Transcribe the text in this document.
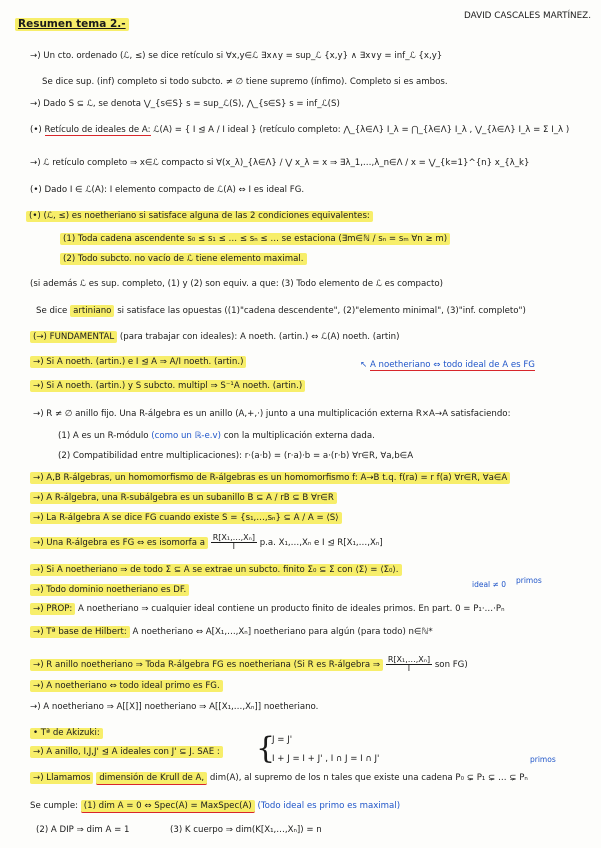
Resumen tema 2.-
DAVID CASCALES MARTÍNEZ.
→) Un cto. ordenado (ℒ, ≤) se dice retículo si ∀x,y∈ℒ ∃x∧y = sup_ℒ {x,y} ∧ ∃x∨y = inf_ℒ {x,y}
Se dice sup. (inf) completo si todo subcto. ≠ ∅ tiene supremo (ínfimo). Completo si es ambos.
→) Dado S ⊆ ℒ, se denota ⋁_{s∈S} s = sup_ℒ(S), ⋀_{s∈S} s = inf_ℒ(S)
(•) Retículo de ideales de A: ℒ(A) = { I ⊴ A / I ideal } (retículo completo: ⋀_{λ∈Λ} I_λ = ⋂_{λ∈Λ} I_λ , ⋁_{λ∈Λ} I_λ = Σ I_λ )
→) ℒ retículo completo ⇒ x∈ℒ compacto si ∀(x_λ)_{λ∈Λ} / ⋁ x_λ = x ⇒ ∃λ_1,…,λ_n∈Λ / x = ⋁_{k=1}^{n} x_{λ_k}
(•) Dado I ∈ ℒ(A): I elemento compacto de ℒ(A) ⇔ I es ideal FG.
(•) (ℒ, ≤) es noetheriano si satisface alguna de las 2 condiciones equivalentes:
(1) Toda cadena ascendente s₀ ≤ s₁ ≤ … ≤ sₙ ≤ … se estaciona (∃m∈ℕ / sₙ = sₘ ∀n ≥ m)
(2) Todo subcto. no vacío de ℒ tiene elemento maximal.
(si además ℒ es sup. completo, (1) y (2) son equiv. a que: (3) Todo elemento de ℒ es compacto)
Se dice artiniano si satisface las opuestas ((1)"cadena descendente", (2)"elemento minimal", (3)"inf. completo")
(→) FUNDAMENTAL (para trabajar con ideales): A noeth. (artin.) ⇔ ℒ(A) noeth. (artin)
→) Si A noeth. (artin.) e I ⊴ A ⇒ A/I noeth. (artin.)	↖ A noetheriano ⇔ todo ideal de A es FG
→) Si A noeth. (artin.) y S subcto. multipl ⇒ S⁻¹A noeth. (artin.)
→) R ≠ ∅ anillo fijo. Una R-álgebra es un anillo (A,+,·) junto a una multiplicación externa R×A→A satisfaciendo:
(1) A es un R-módulo (como un ℝ-e.v) con la multiplicación externa dada.
(2) Compatibilidad entre multiplicaciones): r·(a·b) = (r·a)·b = a·(r·b) ∀r∈R, ∀a,b∈A
→) A,B R-álgebras, un homomorfismo de R-álgebras es un homomorfismo f: A→B t.q. f(ra) = r f(a) ∀r∈R, ∀a∈A
→) A R-álgebra, una R-subálgebra es un subanillo B ⊆ A / rB ⊆ B ∀r∈R
→) La R-álgebra A se dice FG cuando existe S = {s₁,…,sₙ} ⊆ A / A = ⟨S⟩
→) Una R-álgebra es FG ⇔ es isomorfa a $\frac{\text{R[X₁,…,Xₙ]}}{I} p.a$. X₁,…,Xₙ e I ⊴ R[X₁,…,Xₙ]
→) Si A noetheriano ⇒ de todo Σ ⊆ A se extrae un subcto. finito Σ₀ ⊆ Σ con ⟨Σ⟩ = ⟨Σ₀⟩.
→) Todo dominio noetheriano es DF.
ideal ≠ 0 primos
→) PROP: A noetheriano ⇒ cualquier ideal contiene un producto finito de ideales primos. En part. 0 = P₁·…·Pₙ
→) Tª base de Hilbert: A noetheriano ⇔ A[X₁,…,Xₙ] noetheriano para algún (para todo) n∈ℕ*
→) R anillo noetheriano ⇒ Toda R-álgebra FG es noetheriana (Si R es R-álgebra ⇒ $\frac{\text{R[X₁,…,Xₙ]}}{I}$ son FG)
→) A noetheriano ⇔ todo ideal primo es FG.
→) A noetheriano ⇒ A[[X]] noetheriano ⇒ A[[X₁,…,Xₙ]] noetheriano.
• Tª de Akizuki:
→) A anillo, I,J,J' ⊴ A ideales con J' ⊆ J. SAE : {
J = J'
I + J = I + J' , I ∩ J = I ∩ J'	primos
→) Llamamos dimensión de Krull de A, dim(A), al supremo de los n tales que existe una cadena P₀ ⊊ P₁ ⊊ … ⊊ Pₙ
Se cumple: (1) dim A = 0 ⇔ Spec(A) = MaxSpec(A) (Todo ideal es primo es maximal)
(2) A DIP ⇒ dim A = 1	(3) K cuerpo ⇒ dim(K[X₁,…,Xₙ]) = n
